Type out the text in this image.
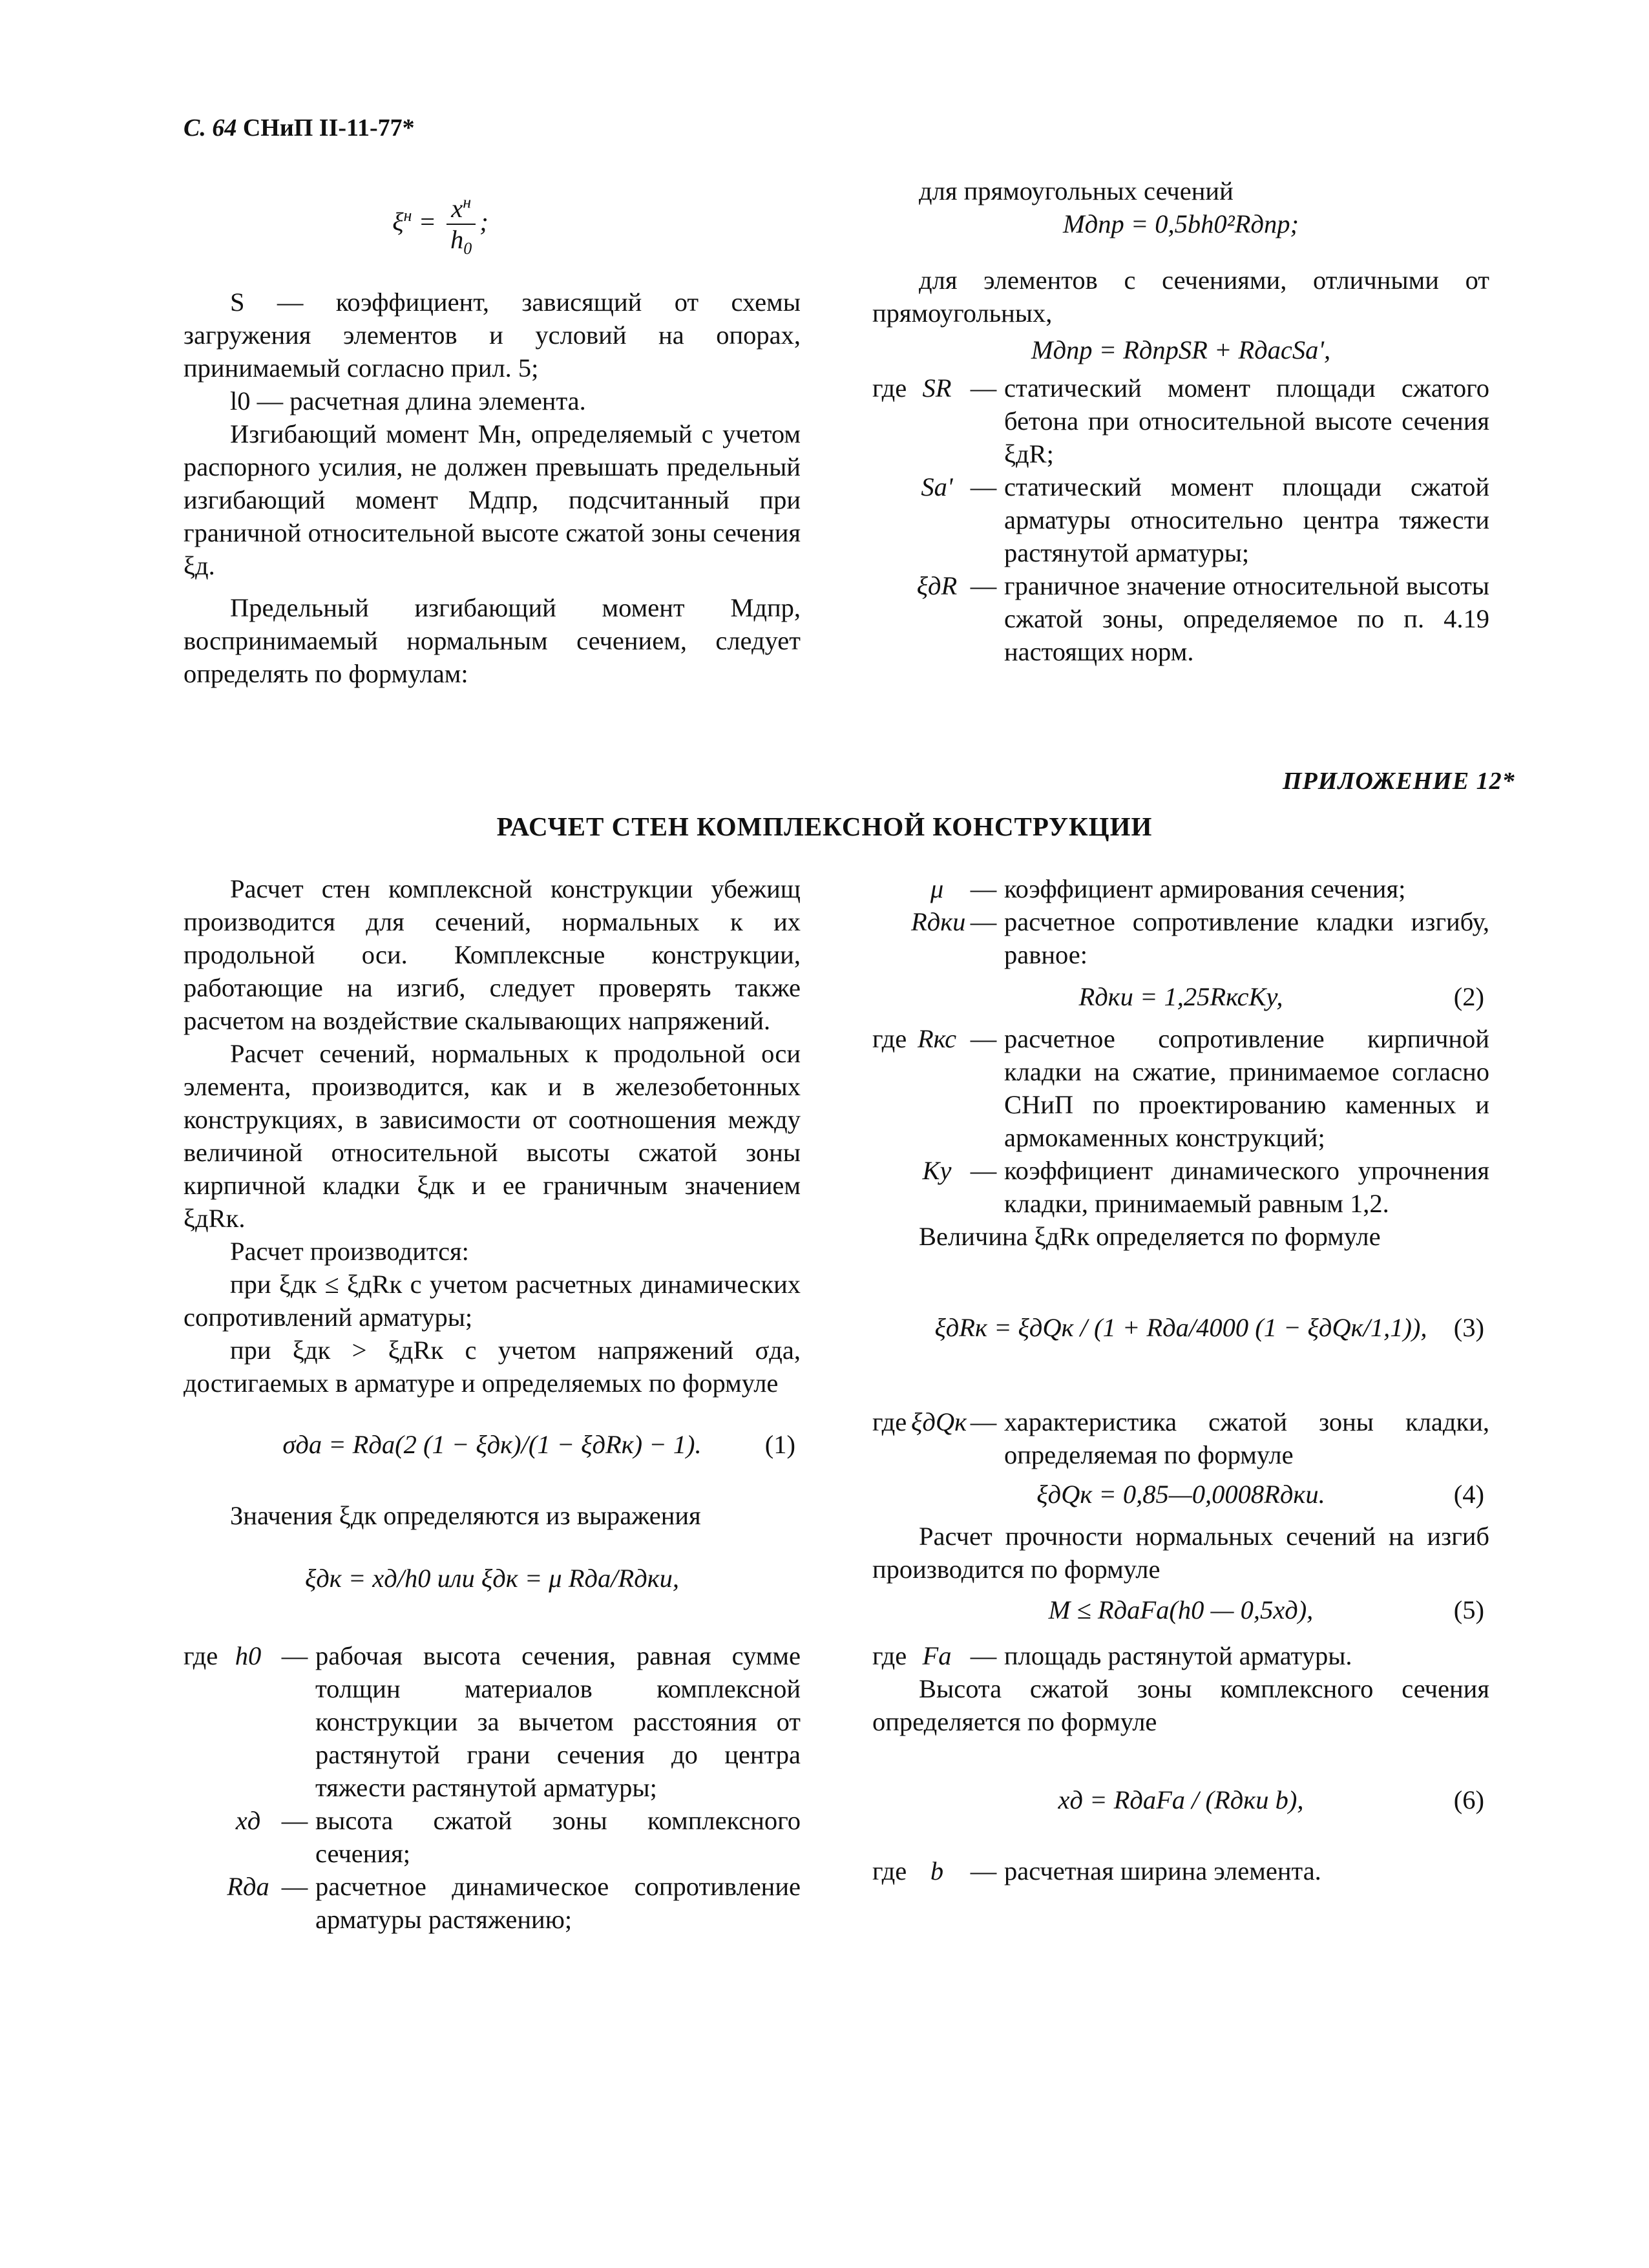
С. 64 СНиП II-11-77*
$\xi^н = \frac{x^н}{h_0}$ ;

S — коэффициент, зависящий от схемы загружения элементов и условий на опорах, принимаемый согласно прил. 5;

l0 — расчетная длина элемента.

Изгибающий момент Мн, определяемый с учетом распорного усилия, не должен превышать предельный изгибающий момент Мдпр, подсчитанный при граничной относительной высоте сжатой зоны сечения ξд.

Предельный изгибающий момент Мдпр, воспринимаемый нормальным сечением, следует определять по формулам:

для прямоугольных сечений

Mдпр = 0,5bh0²Rдпр;

для элементов с сечениями, отличными от прямоугольных,

Mдпр = RдпрSR + RдасSa',
где SR — статический момент площади сжатого бетона при относительной высоте сечения ξдR;
Sa' — статический момент площади сжатой арматуры относительно центра тяжести растянутой арматуры;
ξдR — граничное значение относительной высоты сжатой зоны, определяемое по п. 4.19 настоящих норм.
ПРИЛОЖЕНИЕ 12*
РАСЧЕТ СТЕН КОМПЛЕКСНОЙ КОНСТРУКЦИИ

Расчет стен комплексной конструкции убежищ производится для сечений, нормальных к их продольной оси. Комплексные конструкции, работающие на изгиб, следует проверять также расчетом на воздействие скалывающих напряжений.

Расчет сечений, нормальных к продольной оси элемента, производится, как и в железобетонных конструкциях, в зависимости от соотношения между величиной относительной высоты сжатой зоны кирпичной кладки ξдк и ее граничным значением ξдRк.

Расчет производится:

при ξдк ≤ ξдRк с учетом расчетных динамических сопротивлений арматуры;

при ξдк > ξдRк с учетом напряжений σда, достигаемых в арматуре и определяемых по формуле

σда = Rда(2 (1 − ξдк)/(1 − ξдRк) − 1). (1)

Значения ξдк определяются из выражения

ξдк = xд/h0 или ξдк = μ Rда/Rдки,
где h0 — рабочая высота сечения, равная сумме толщин материалов комплексной конструкции за вычетом расстояния от растянутой грани сечения до центра тяжести растянутой арматуры;
xд — высота сжатой зоны комплексного сечения;
Rда — расчетное динамическое сопротивление арматуры растяжению;
μ	— коэффициент армирования сечения;
Rдки — расчетное сопротивление кладки изгибу, равное:
Rдки = 1,25RксKу,	(2)
где Rкс — расчетное сопротивление кирпичной кладки на сжатие, принимаемое согласно СНиП по проектированию каменных и армокаменных конструкций;
Kу — коэффициент динамического упрочнения кладки, принимаемый равным 1,2.

Величина ξдRк определяется по формуле

ξдRк = ξдQк / (1 + Rда/4000 (1 − ξдQк/1,1)), (3)
где ξдQк — характеристика сжатой зоны кладки, определяемая по формуле
ξдQк = 0,85—0,0008Rдки.	(4)

Расчет прочности нормальных сечений на изгиб производится по формуле

M ≤ RдаFа(h0 — 0,5xд),	(5)
где Fа — площадь растянутой арматуры.

Высота сжатой зоны комплексного сечения определяется по формуле

xд = RдаFа / (Rдки b),	(6)
где b	— расчетная ширина элемента.
